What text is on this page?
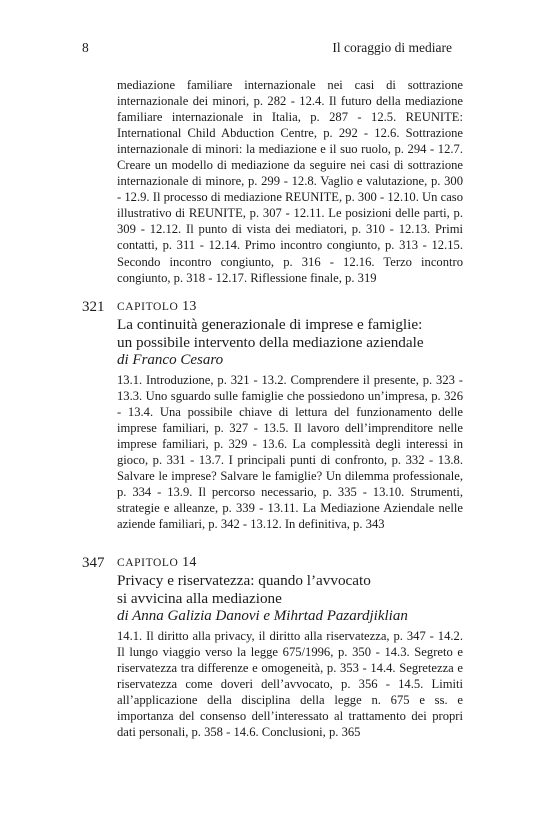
8	Il coraggio di mediare
mediazione familiare internazionale nei casi di sottrazione internazionale dei minori, p. 282 - 12.4. Il futuro della mediazione familiare internazionale in Italia, p. 287 - 12.5. REUNITE: International Child Abduction Centre, p. 292 - 12.6. Sottrazione internazionale di minori: la mediazione e il suo ruolo, p. 294 - 12.7. Creare un modello di mediazione da seguire nei casi di sottrazione internazionale di minore, p. 299 - 12.8. Vaglio e valutazione, p. 300 - 12.9. Il processo di mediazione REUNITE, p. 300 - 12.10. Un caso illustrativo di REUNITE, p. 307 - 12.11. Le posizioni delle parti, p. 309 - 12.12. Il punto di vista dei mediatori, p. 310 - 12.13. Primi contatti, p. 311 - 12.14. Primo incontro congiunto, p. 313 - 12.15. Secondo incontro congiunto, p. 316 - 12.16. Terzo incontro congiunto, p. 318 - 12.17. Riflessione finale, p. 319
321 CAPITOLO 13
La continuità generazionale di imprese e famiglie:
un possibile intervento della mediazione aziendale
di Franco Cesaro
13.1. Introduzione, p. 321 - 13.2. Comprendere il presente, p. 323 - 13.3. Uno sguardo sulle famiglie che possiedono un’impresa, p. 326 - 13.4. Una possibile chiave di lettura del funzionamento delle imprese familiari, p. 327 - 13.5. Il lavoro dell’imprenditore nelle imprese familiari, p. 329 - 13.6. La complessità degli interessi in gioco, p. 331 - 13.7. I principali punti di confronto, p. 332 - 13.8. Salvare le imprese? Salvare le famiglie? Un dilemma professionale, p. 334 - 13.9. Il percorso necessario, p. 335 - 13.10. Strumenti, strategie e alleanze, p. 339 - 13.11. La Mediazione Aziendale nelle aziende familiari, p. 342 - 13.12. In definitiva, p. 343
347 CAPITOLO 14
Privacy e riservatezza: quando l’avvocato
si avvicina alla mediazione
di Anna Galizia Danovi e Mihrtad Pazardjiklian
14.1. Il diritto alla privacy, il diritto alla riservatezza, p. 347 - 14.2. Il lungo viaggio verso la legge 675/1996, p. 350 - 14.3. Segreto e riservatezza tra differenze e omogeneità, p. 353 - 14.4. Segretezza e riservatezza come doveri dell’avvocato, p. 356 - 14.5. Limiti all’applicazione della disciplina della legge n. 675 e ss. e importanza del consenso dell’interessato al trattamento dei propri dati personali, p. 358 - 14.6. Conclusioni, p. 365
